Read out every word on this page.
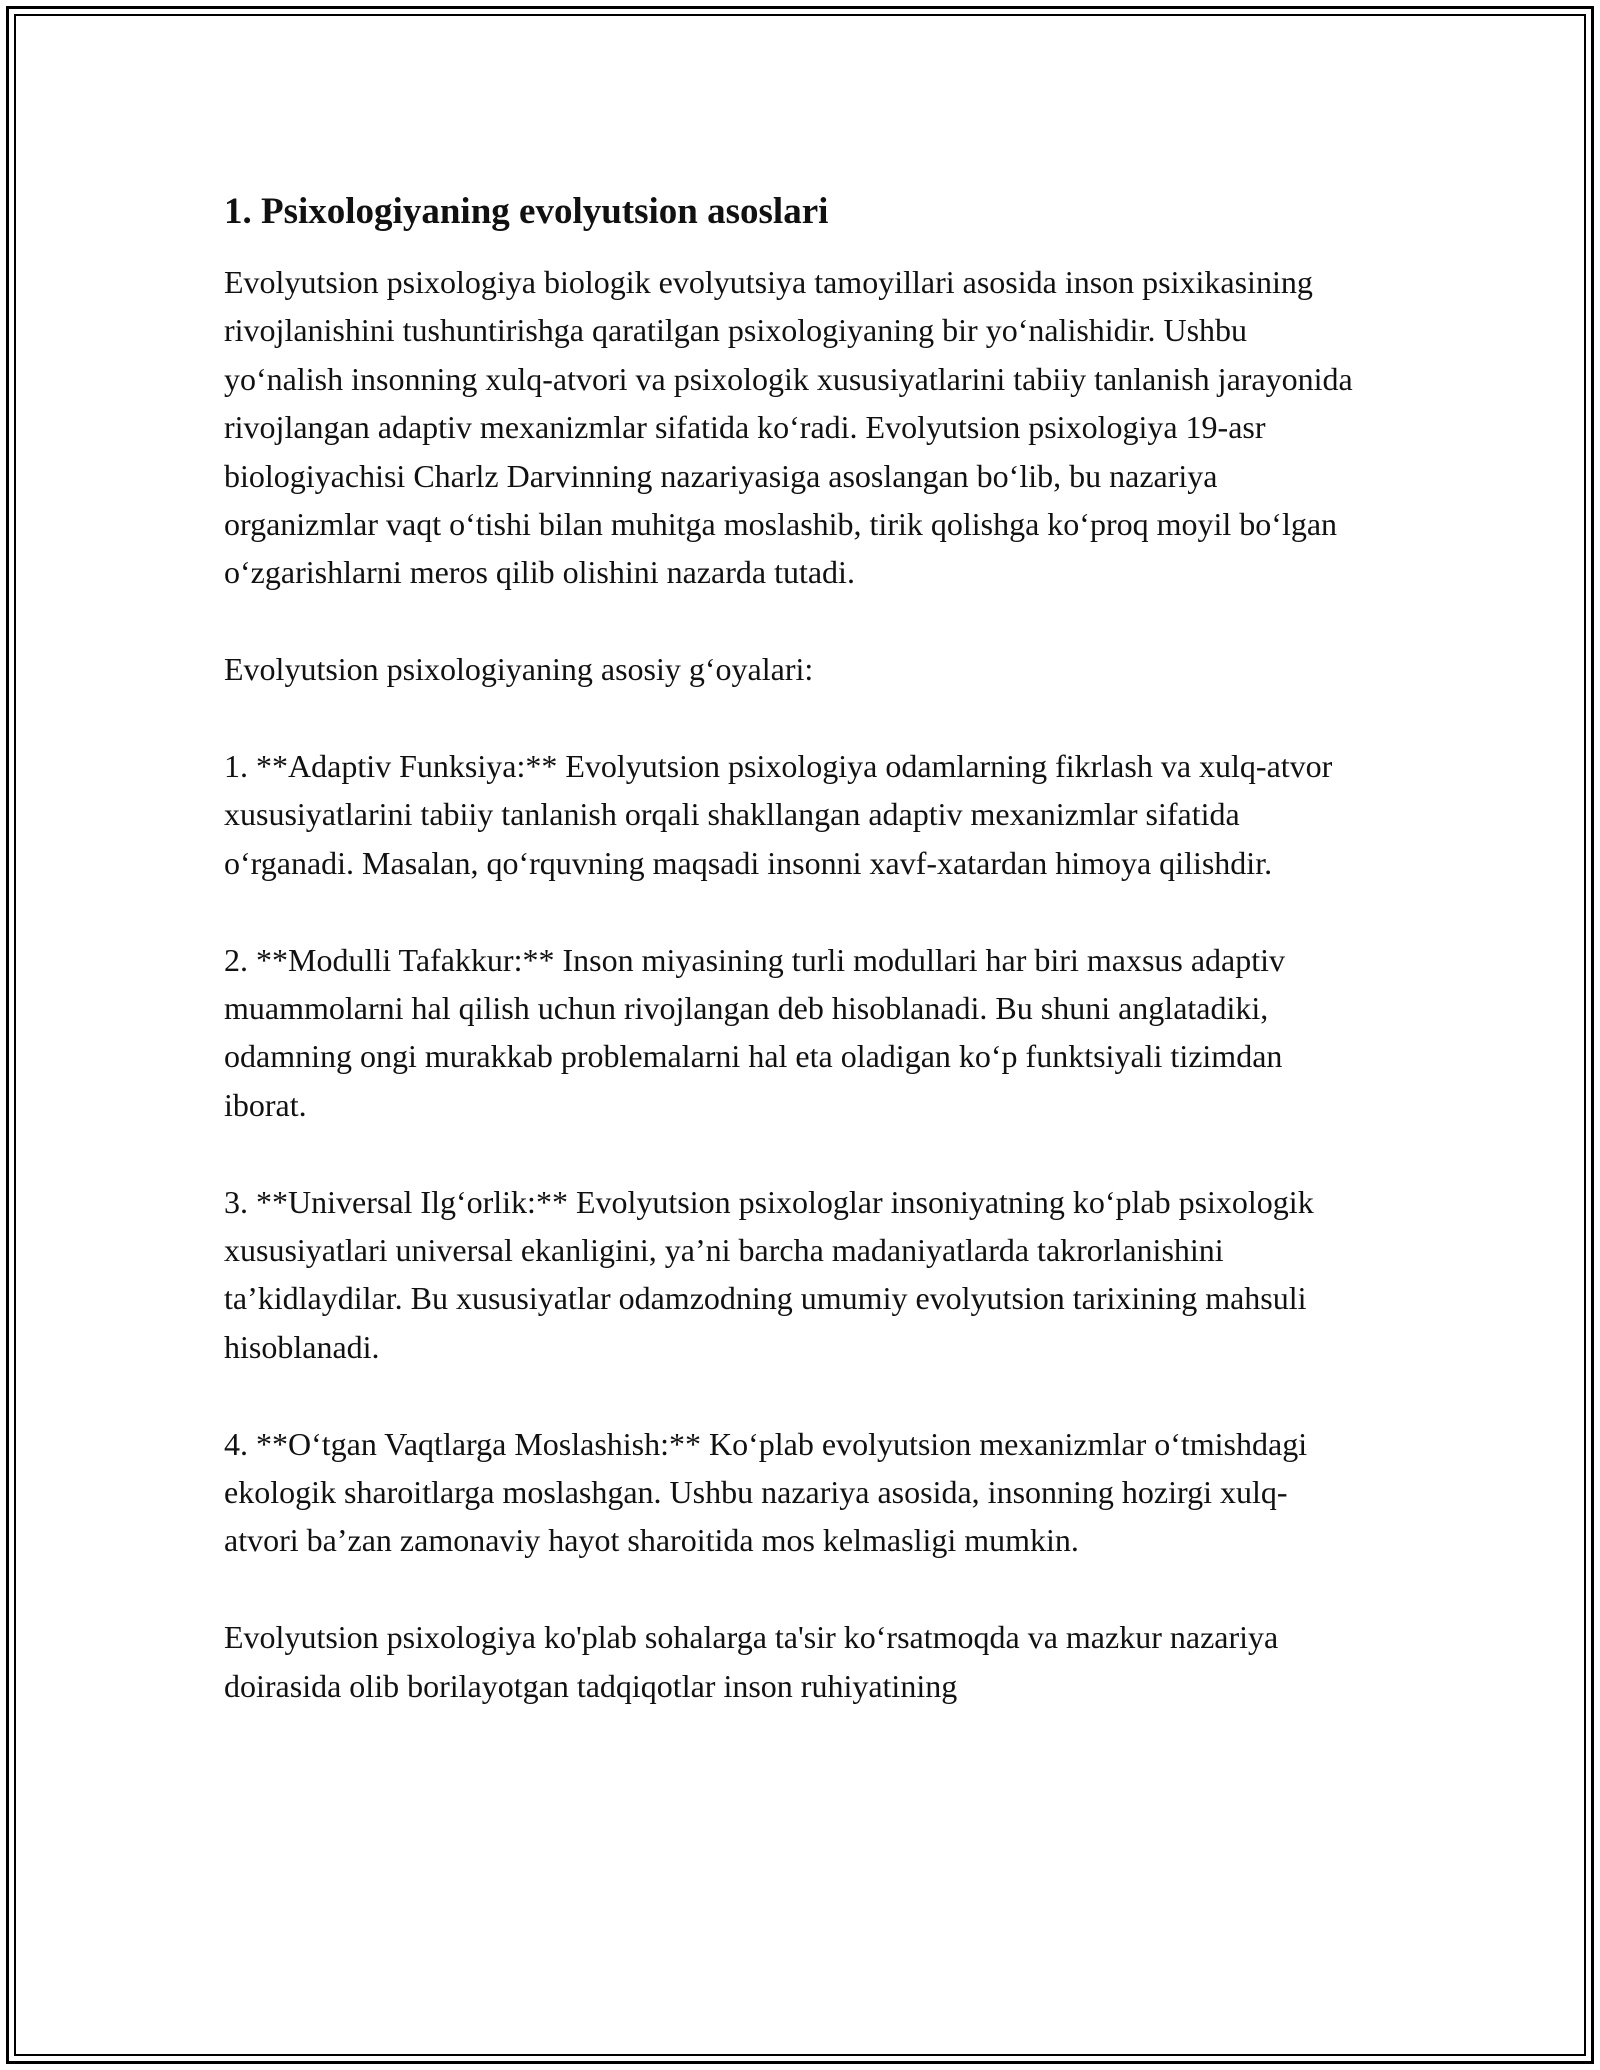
1. Psixologiyaning evolyutsion asoslari

Evolyutsion psixologiya biologik evolyutsiya tamoyillari asosida inson psixikasining rivojlanishini tushuntirishga qaratilgan psixologiyaning bir yoʻnalishidir. Ushbu yoʻnalish insonning xulq-atvori va psixologik xususiyatlarini tabiiy tanlanish jarayonida rivojlangan adaptiv mexanizmlar sifatida koʻradi. Evolyutsion psixologiya 19-asr biologiyachisi Charlz Darvinning nazariyasiga asoslangan boʻlib, bu nazariya organizmlar vaqt oʻtishi bilan muhitga moslashib, tirik qolishga koʻproq moyil boʻlgan oʻzgarishlarni meros qilib olishini nazarda tutadi.

Evolyutsion psixologiyaning asosiy gʻoyalari:

1. **Adaptiv Funksiya:** Evolyutsion psixologiya odamlarning fikrlash va xulq-atvor xususiyatlarini tabiiy tanlanish orqali shakllangan adaptiv mexanizmlar sifatida oʻrganadi. Masalan, qoʻrquvning maqsadi insonni xavf-xatardan himoya qilishdir.

2. **Modulli Tafakkur:** Inson miyasining turli modullari har biri maxsus adaptiv muammolarni hal qilish uchun rivojlangan deb hisoblanadi. Bu shuni anglatadiki, odamning ongi murakkab problemalarni hal eta oladigan koʻp funktsiyali tizimdan iborat.

3. **Universal Ilgʻorlik:** Evolyutsion psixologlar insoniyatning koʻplab psixologik xususiyatlari universal ekanligini, yaʼni barcha madaniyatlarda takrorlanishini taʼkidlaydilar. Bu xususiyatlar odamzodning umumiy evolyutsion tarixining mahsuli hisoblanadi.

4. **Oʻtgan Vaqtlarga Moslashish:** Koʻplab evolyutsion mexanizmlar oʻtmishdagi ekologik sharoitlarga moslashgan. Ushbu nazariya asosida, insonning hozirgi xulq-atvori baʼzan zamonaviy hayot sharoitida mos kelmasligi mumkin.

Evolyutsion psixologiya ko'plab sohalarga ta'sir koʻrsatmoqda va mazkur nazariya doirasida olib borilayotgan tadqiqotlar inson ruhiyatining
